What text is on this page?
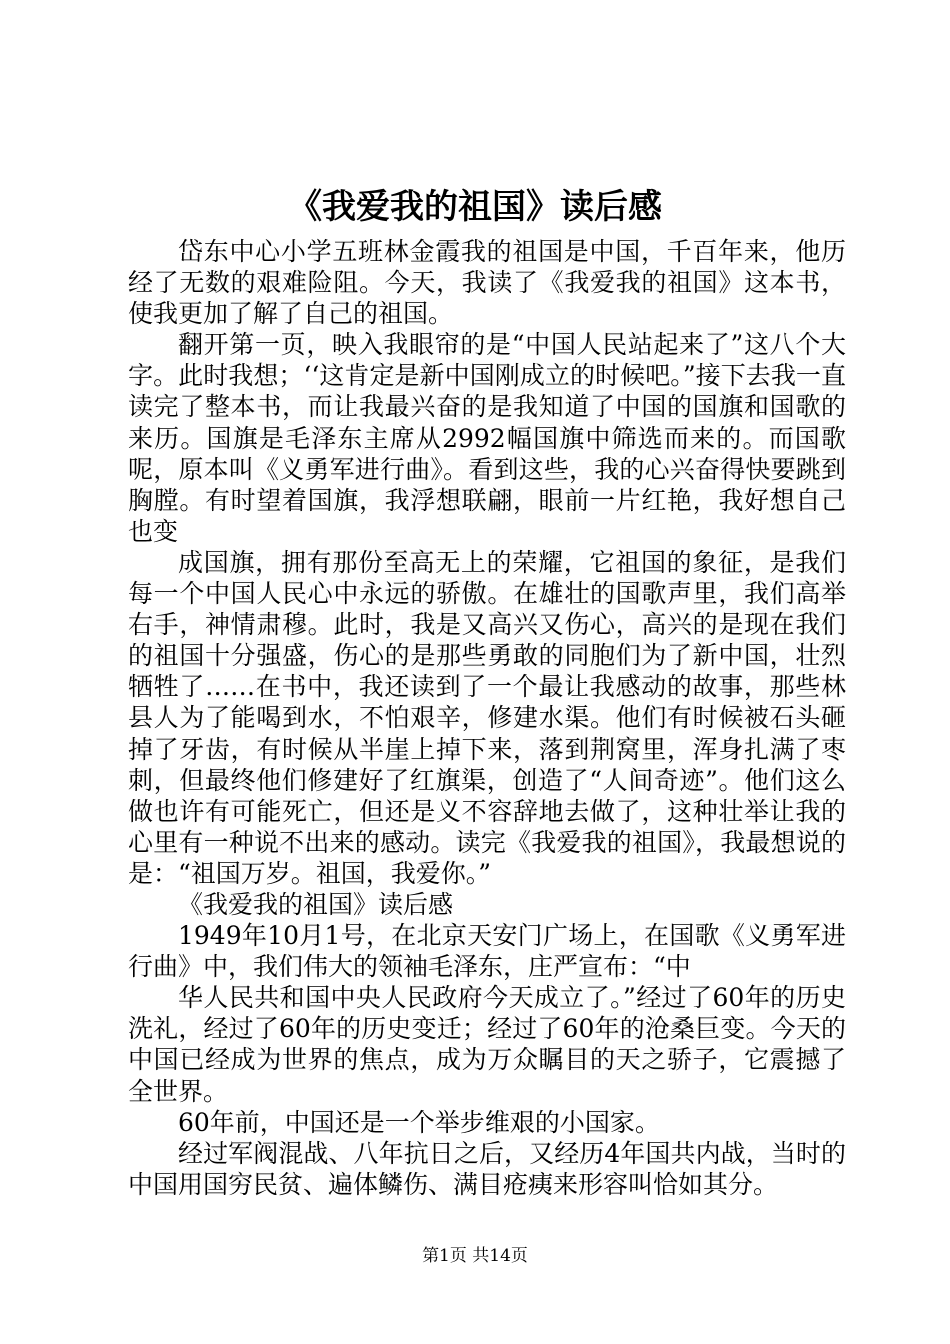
《我爱我的祖国》读后感

岱东中心小学五班林金霞我的祖国是中国，千百年来，他历经了无数的艰难险阻。今天，我读了《我爱我的祖国》这本书，使我更加了解了自己的祖国。

翻开第一页，映入我眼帘的是“中国人民站起来了”这八个大字。此时我想；‘‘这肯定是新中国刚成立的时候吧。”接下去我一直读完了整本书，而让我最兴奋的是我知道了中国的国旗和国歌的来历。国旗是毛泽东主席从2992幅国旗中筛选而来的。而国歌呢，原本叫《义勇军进行曲》。看到这些，我的心兴奋得快要跳到胸膛。有时望着国旗，我浮想联翩，眼前一片红艳，我好想自己也变

成国旗，拥有那份至高无上的荣耀，它祖国的象征，是我们每一个中国人民心中永远的骄傲。在雄壮的国歌声里，我们高举右手，神情肃穆。此时，我是又高兴又伤心，高兴的是现在我们的祖国十分强盛，伤心的是那些勇敢的同胞们为了新中国，壮烈牺牲了……在书中，我还读到了一个最让我感动的故事，那些林县人为了能喝到水，不怕艰辛，修建水渠。他们有时候被石头砸掉了牙齿，有时候从半崖上掉下来，落到荆窝里，浑身扎满了枣刺，但最终他们修建好了红旗渠，创造了“人间奇迹”。他们这么做也许有可能死亡，但还是义不容辞地去做了，这种壮举让我的心里有一种说不出来的感动。读完《我爱我的祖国》，我最想说的是：“祖国万岁。祖国，我爱你。”

《我爱我的祖国》读后感

1949年10月1号，在北京天安门广场上，在国歌《义勇军进行曲》中，我们伟大的领袖毛泽东，庄严宣布：“中

华人民共和国中央人民政府今天成立了。”经过了60年的历史洗礼，经过了60年的历史变迁；经过了60年的沧桑巨变。今天的中国已经成为世界的焦点，成为万众瞩目的天之骄子，它震撼了全世界。

60年前，中国还是一个举步维艰的小国家。

经过军阀混战、八年抗日之后，又经历4年国共内战，当时的中国用国穷民贫、遍体鳞伤、满目疮痍来形容叫恰如其分。

第1页 共14页
